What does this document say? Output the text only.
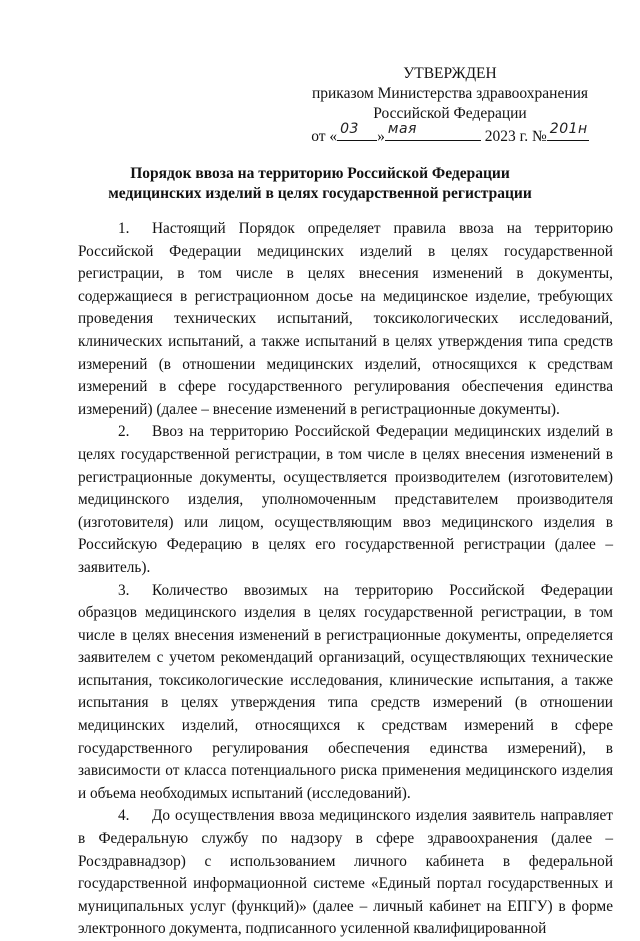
УТВЕРЖДЕН
приказом Министерства здравоохранения
Российской Федерации
от « 03 » мая	2023 г. № 201н
Порядок ввоза на территорию Российской Федерации
медицинских изделий в целях государственной регистрации

1. Настоящий Порядок определяет правила ввоза на территорию Российской Федерации медицинских изделий в целях государственной регистрации, в том числе в целях внесения изменений в документы, содержащиеся в регистрационном досье на медицинское изделие, требующих проведения технических испытаний, токсикологических исследований, клинических испытаний, а также испытаний в целях утверждения типа средств измерений (в отношении медицинских изделий, относящихся к средствам измерений в сфере государственного регулирования обеспечения единства измерений) (далее – внесение изменений в регистрационные документы).

2. Ввоз на территорию Российской Федерации медицинских изделий в целях государственной регистрации, в том числе в целях внесения изменений в регистрационные документы, осуществляется производителем (изготовителем) медицинского изделия, уполномоченным представителем производителя (изготовителя) или лицом, осуществляющим ввоз медицинского изделия в Российскую Федерацию в целях его государственной регистрации (далее – заявитель).

3. Количество ввозимых на территорию Российской Федерации образцов медицинского изделия в целях государственной регистрации, в том числе в целях внесения изменений в регистрационные документы, определяется заявителем с учетом рекомендаций организаций, осуществляющих технические испытания, токсикологические исследования, клинические испытания, а также испытания в целях утверждения типа средств измерений (в отношении медицинских изделий, относящихся к средствам измерений в сфере государственного регулирования обеспечения единства измерений), в зависимости от класса потенциального риска применения медицинского изделия и объема необходимых испытаний (исследований).

4. До осуществления ввоза медицинского изделия заявитель направляет в Федеральную службу по надзору в сфере здравоохранения (далее – Росздравнадзор) с использованием личного кабинета в федеральной государственной информационной системе «Единый портал государственных и муниципальных услуг (функций)» (далее – личный кабинет на ЕПГУ) в форме электронного документа, подписанного усиленной квалифицированной
